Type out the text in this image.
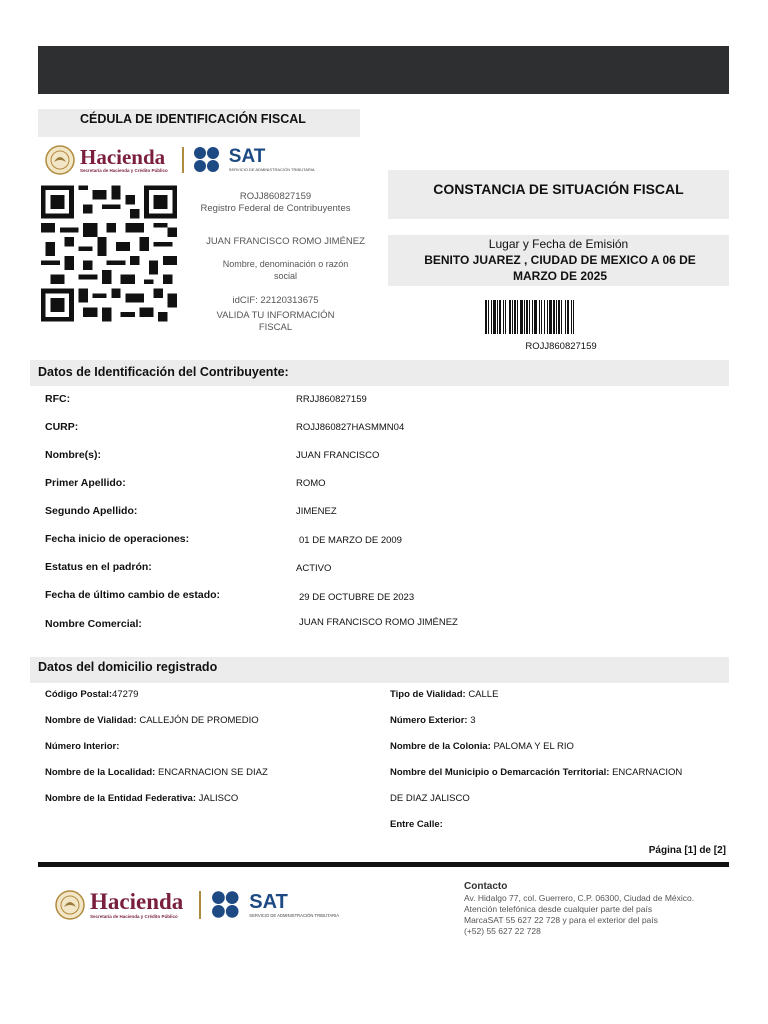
CÉDULA DE IDENTIFICACIÓN FISCAL
Hacienda
Secretaría de Hacienda y Crédito Público
SAT
SERVICIO DE ADMINISTRACIÓN TRIBUTARIA
ROJJ860827159
Registro Federal de Contribuyentes
JUAN FRANCISCO ROMO JIMÉNEZ
Nombre, denominación o razón
social
idCIF: 22120313675
VALIDA TU INFORMACIÓN
FISCAL
CONSTANCIA DE SITUACIÓN FISCAL
Lugar y Fecha de Emisión
BENITO JUAREZ , CIUDAD DE MEXICO A 06 DE
MARZO DE 2025
ROJJ860827159
Datos de Identificación del Contribuyente:
RFC:	RRJJ860827159
CURP:	ROJJ860827HASMMN04
Nombre(s):	JUAN FRANCISCO
Primer Apellido:	ROMO
Segundo Apellido:	JIMENEZ
Fecha inicio de operaciones:	01 DE MARZO DE 2009
Estatus en el padrón:	ACTIVO
Fecha de último cambio de estado:	29 DE OCTUBRE DE 2023
Nombre Comercial:	JUAN FRANCISCO ROMO JIMÉNEZ
Datos del domicilio registrado
Código Postal:47279	Tipo de Vialidad: CALLE
Nombre de Vialidad: CALLEJÓN DE PROMEDIO	Número Exterior: 3
Número Interior:	Nombre de la Colonia: PALOMA Y EL RIO
Nombre de la Localidad: ENCARNACION SE DIAZ	Nombre del Municipio o Demarcación Territorial: ENCARNACION
Nombre de la Entidad Federativa: JALISCO	DE DIAZ JALISCO
Entre Calle:
Página [1] de [2]
Hacienda
Secretaría de Hacienda y Crédito Público
SAT
SERVICIO DE ADMINISTRACIÓN TRIBUTARIA
Contacto
Av. Hidalgo 77, col. Guerrero, C.P. 06300, Ciudad de México.
Atención telefónica desde cualquier parte del país
MarcaSAT 55 627 22 728 y para el exterior del país
(+52) 55 627 22 728
